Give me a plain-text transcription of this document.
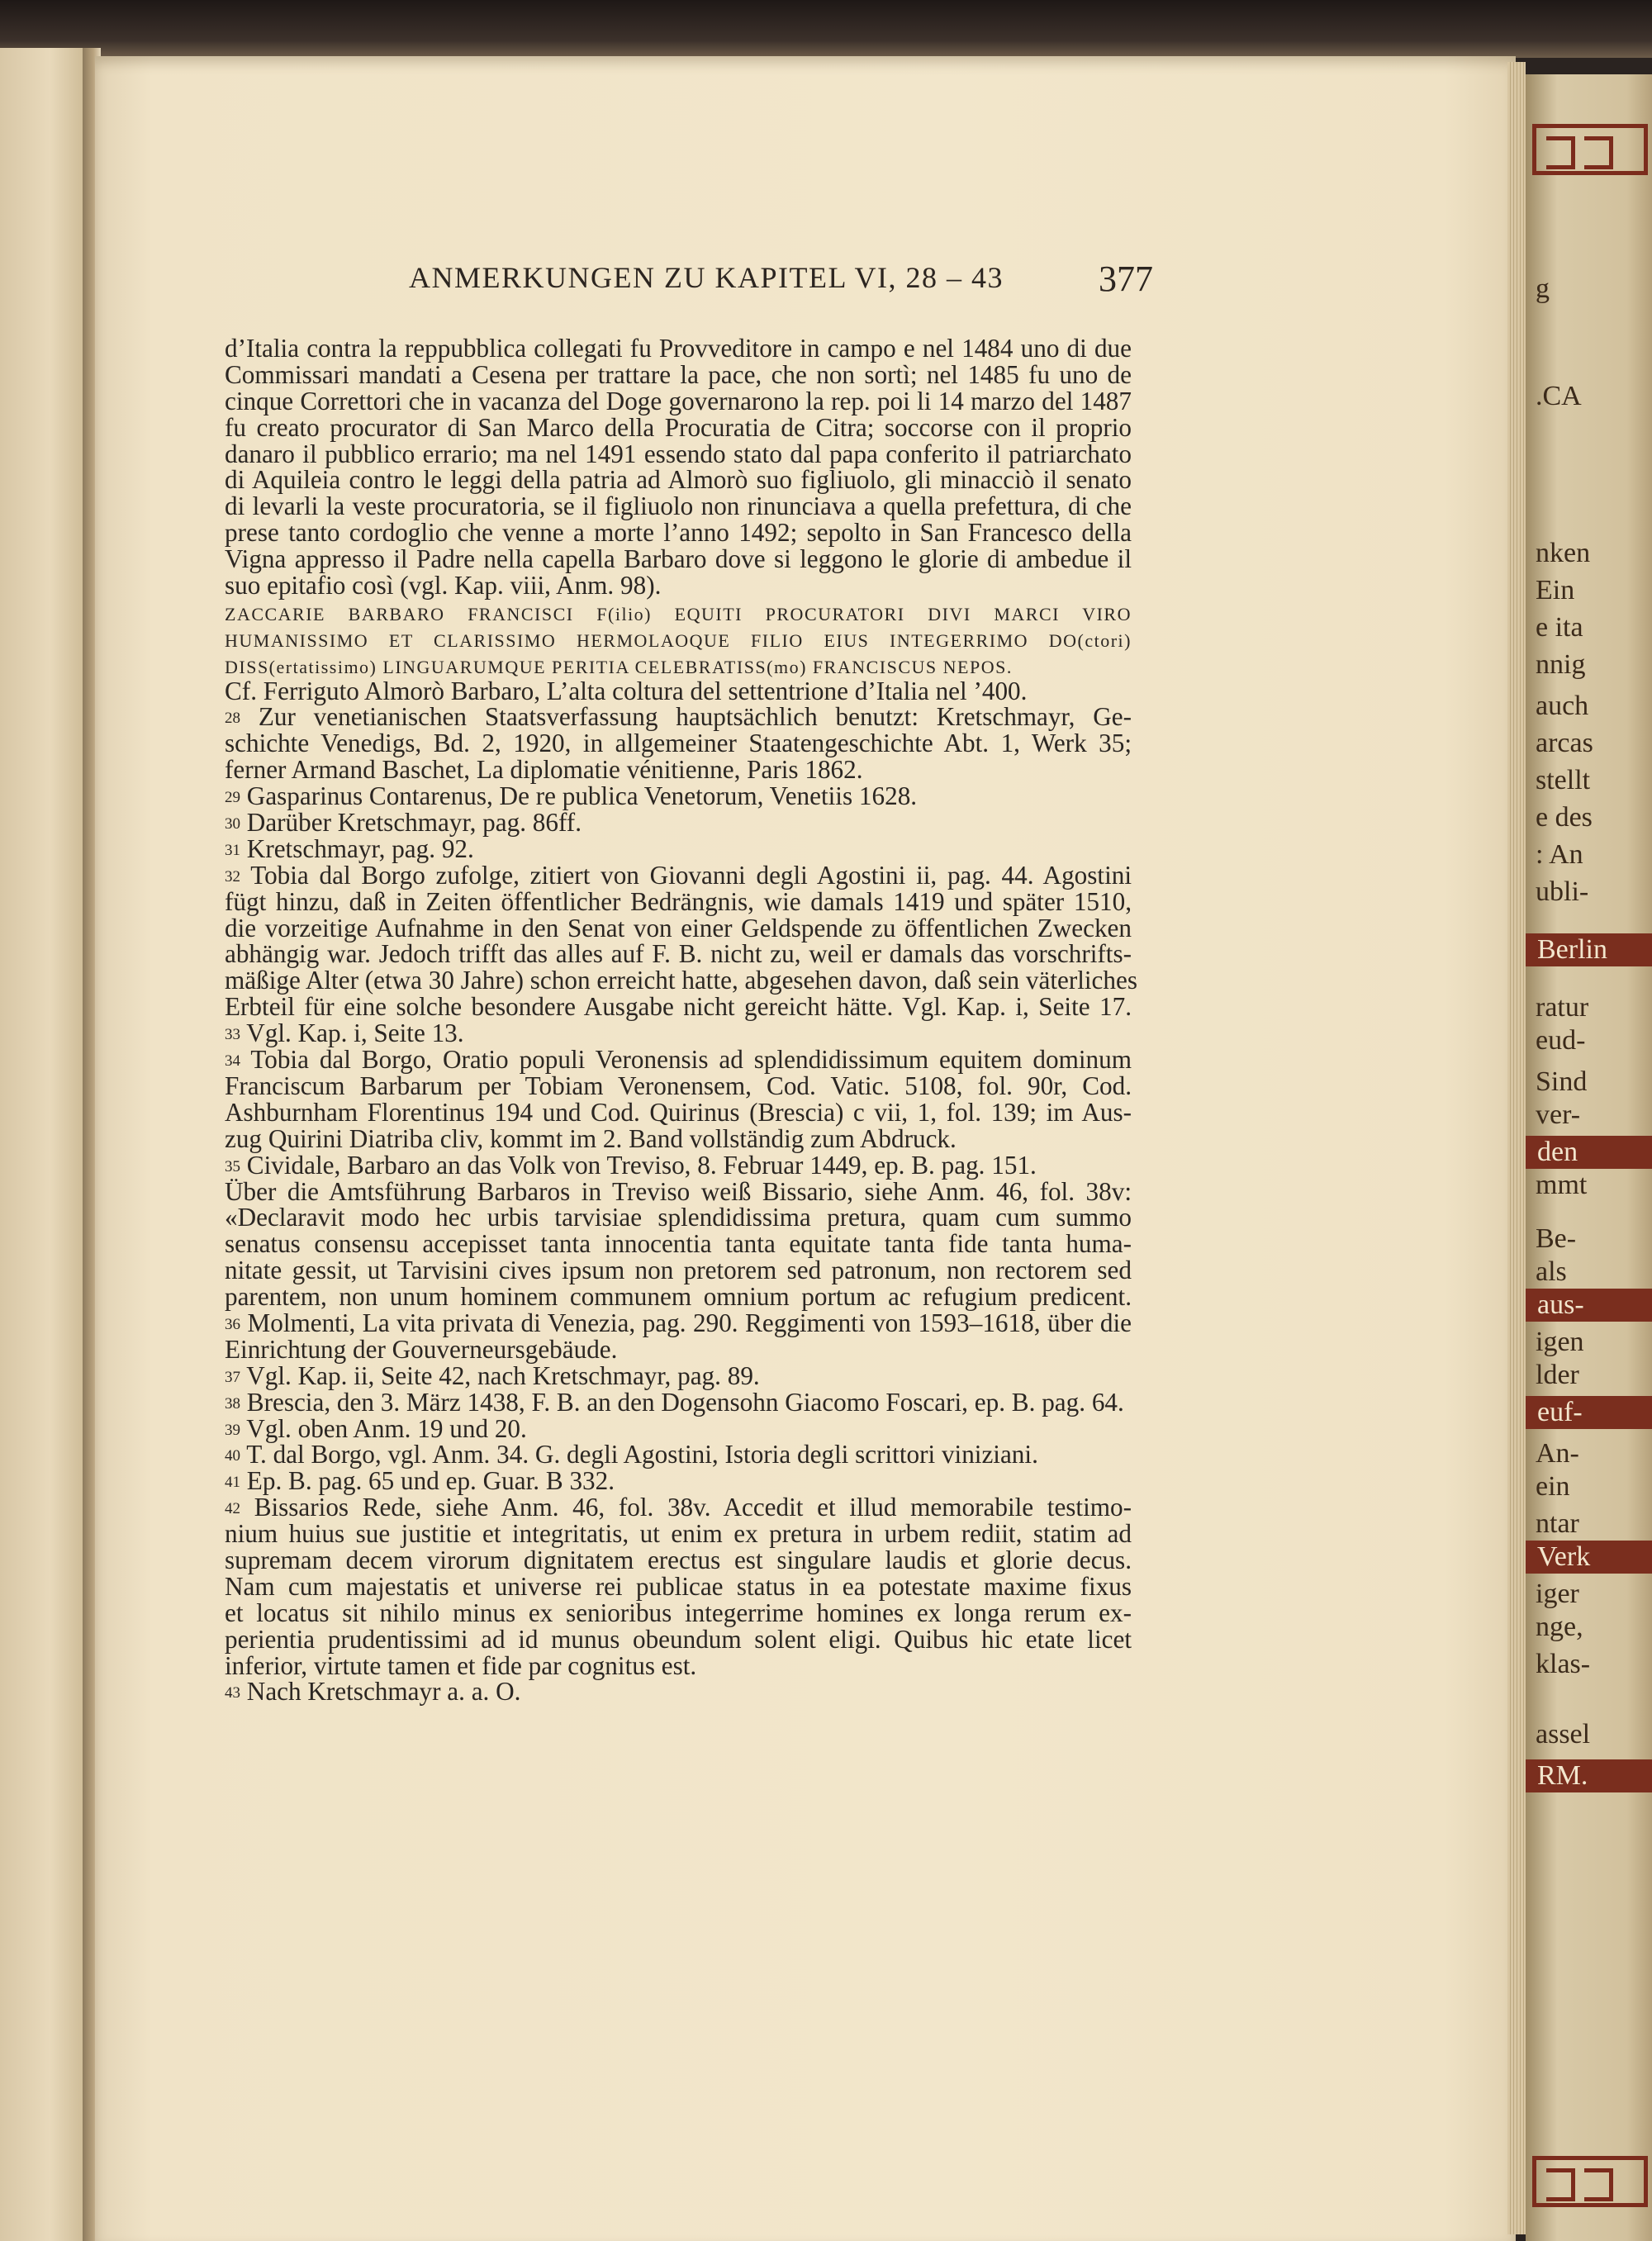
g
.CA
nken
Ein
e ita
nnig
auch
arcas
stellt
e des
: An
ubli-
Berlin
ratur
eud-
Sind
ver-
den
mmt
Be-
als
aus-
igen
lder
euf-
An-
ein
ntar
Verk
iger
nge,
klas-
assel
RM.
ANMERKUNGEN ZU KAPITEL VI, 28 – 43	377
d’Italia contra la reppubblica collegati fu Provveditore in campo e nel 1484 uno di due
Commissari mandati a Cesena per trattare la pace, che non sortì; nel 1485 fu uno de
cinque Correttori che in vacanza del Doge governarono la rep. poi li 14 marzo del 1487
fu creato procurator di San Marco della Procuratia de Citra; soccorse con il proprio
danaro il pubblico errario; ma nel 1491 essendo stato dal papa conferito il patriarchato
di Aquileia contro le leggi della patria ad Almorò suo figliuolo, gli minacciò il senato
di levarli la veste procuratoria, se il figliuolo non rinunciava a quella prefettura, di che
prese tanto cordoglio che venne a morte l’anno 1492; sepolto in San Francesco della
Vigna appresso il Padre nella capella Barbaro dove si leggono le glorie di ambedue il
suo epitafio così (vgl. Kap. viii, Anm. 98).
ZACCARIE BARBARO FRANCISCI F(ilio) EQUITI PROCURATORI DIVI MARCI VIRO
HUMANISSIMO ET CLARISSIMO HERMOLAOQUE FILIO EIUS INTEGERRIMO DO(ctori)
DISS(ertatissimo) LINGUARUMQUE PERITIA CELEBRATISS(mo) FRANCISCUS NEPOS.
Cf. Ferriguto Almorò Barbaro, L’alta coltura del settentrione d’Italia nel ’400.
$^{28}$ Zur venetianischen Staatsverfassung hauptsächlich benutzt: Kretschmayr, Ge-
schichte Venedigs, Bd. 2, 1920, in allgemeiner Staatengeschichte Abt. 1, Werk 35;
ferner Armand Baschet, La diplomatie vénitienne, Paris 1862.
$^{29}$ Gasparinus Contarenus, De re publica Venetorum, Venetiis 1628.
$^{30}$ Darüber Kretschmayr, pag. 86ff.
$^{31}$ Kretschmayr, pag. 92.
$^{32}$ Tobia dal Borgo zufolge, zitiert von Giovanni degli Agostini ii, pag. 44. Agostini
fügt hinzu, daß in Zeiten öffentlicher Bedrängnis, wie damals 1419 und später 1510,
die vorzeitige Aufnahme in den Senat von einer Geldspende zu öffentlichen Zwecken
abhängig war. Jedoch trifft das alles auf F. B. nicht zu, weil er damals das vorschrifts-
mäßige Alter (etwa 30 Jahre) schon erreicht hatte, abgesehen davon, daß sein väterliches
Erbteil für eine solche besondere Ausgabe nicht gereicht hätte. Vgl. Kap. i, Seite 17.
$^{33}$ Vgl. Kap. i, Seite 13.
$^{34}$ Tobia dal Borgo, Oratio populi Veronensis ad splendidissimum equitem dominum
Franciscum Barbarum per Tobiam Veronensem, Cod. Vatic. 5108, fol. 90r, Cod.
Ashburnham Florentinus 194 und Cod. Quirinus (Brescia) c vii, 1, fol. 139; im Aus-
zug Quirini Diatriba cliv, kommt im 2. Band vollständig zum Abdruck.
$^{35}$ Cividale, Barbaro an das Volk von Treviso, 8. Februar 1449, ep. B. pag. 151.
Über die Amtsführung Barbaros in Treviso weiß Bissario, siehe Anm. 46, fol. 38v:
«Declaravit modo hec urbis tarvisiae splendidissima pretura, quam cum summo
senatus consensu accepisset tanta innocentia tanta equitate tanta fide tanta huma-
nitate gessit, ut Tarvisini cives ipsum non pretorem sed patronum, non rectorem sed
parentem, non unum hominem communem omnium portum ac refugium predicent.
$^{36}$ Molmenti, La vita privata di Venezia, pag. 290. Reggimenti von 1593–1618, über die
Einrichtung der Gouverneursgebäude.
$^{37}$ Vgl. Kap. ii, Seite 42, nach Kretschmayr, pag. 89.
$^{38}$ Brescia, den 3. März 1438, F. B. an den Dogensohn Giacomo Foscari, ep. B. pag. 64.
$^{39}$ Vgl. oben Anm. 19 und 20.
$^{40}$ T. dal Borgo, vgl. Anm. 34. G. degli Agostini, Istoria degli scrittori viniziani.
$^{41}$ Ep. B. pag. 65 und ep. Guar. B 332.
$^{42}$ Bissarios Rede, siehe Anm. 46, fol. 38v. Accedit et illud memorabile testimo-
nium huius sue justitie et integritatis, ut enim ex pretura in urbem rediit, statim ad
supremam decem virorum dignitatem erectus est singulare laudis et glorie decus.
Nam cum majestatis et universe rei publicae status in ea potestate maxime fixus
et locatus sit nihilo minus ex senioribus integerrime homines ex longa rerum ex-
perientia prudentissimi ad id munus obeundum solent eligi. Quibus hic etate licet
inferior, virtute tamen et fide par cognitus est.
$^{43}$ Nach Kretschmayr a. a. O.
